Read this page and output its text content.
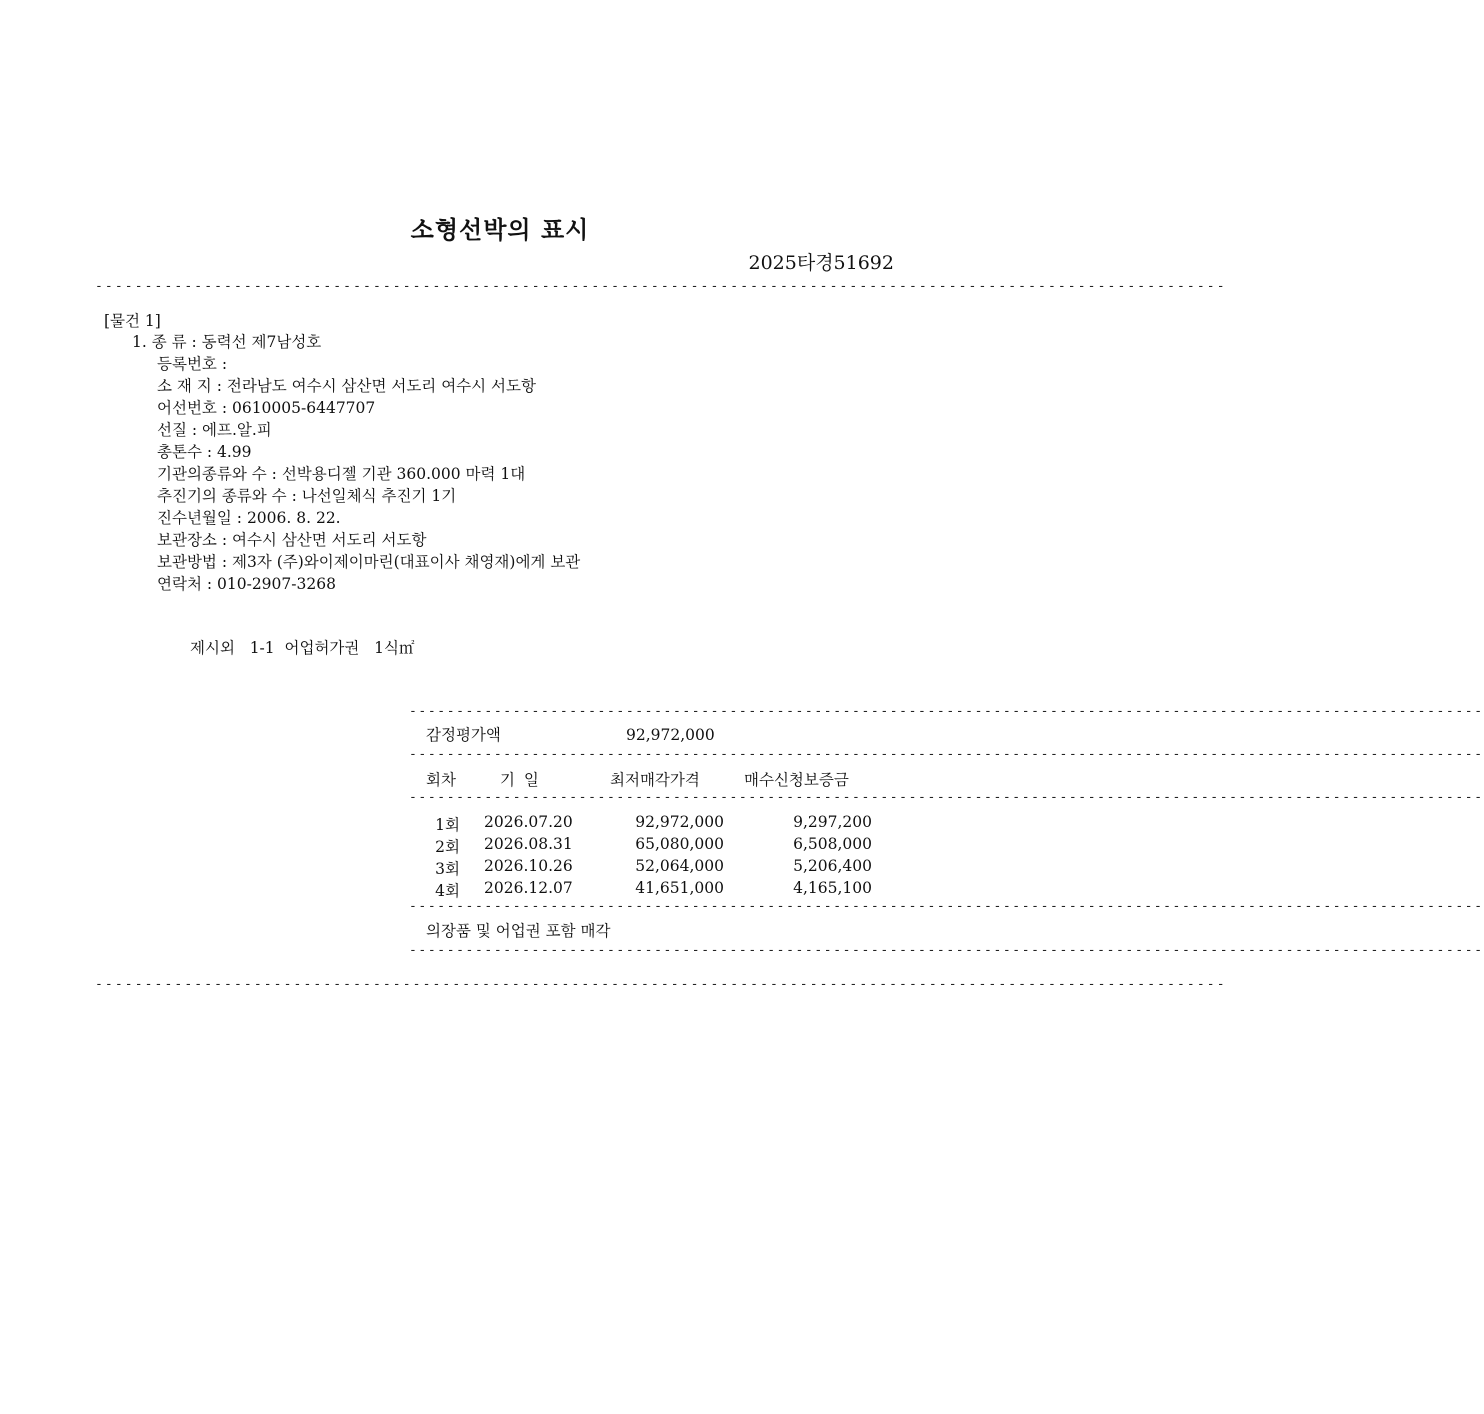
소형선박의 표시
2025타경51692
------------------------------------------------------------------------------------------------------------------
[물건 1]
1. 종 류 : 동력선 제7남성호
등록번호 :
소 재 지 : 전라남도 여수시 삼산면 서도리 여수시 서도항
어선번호 : 0610005-6447707
선질 : 에프.알.피
총톤수 : 4.99
기관의종류와 수 : 선박용디젤 기관 360.000 마력 1대
추진기의 종류와 수 : 나선일체식 추진기 1기
진수년월일 : 2006. 8. 22.
보관장소 : 여수시 삼산면 서도리 서도항
보관방법 : 제3자 (주)와이제이마린(대표이사 채영재)에게 보관
연락처 : 010-2907-3268
제시외   1-1  어업허가권   1식㎡
------------------------------------------------------------------------------------------------------------------
감정평가액	92,972,000
------------------------------------------------------------------------------------------------------------------
회차	기 일	최저매각가격	매수신청보증금
------------------------------------------------------------------------------------------------------------------
1회 2026.07.20	92,972,000	9,297,200
2회 2026.08.31	65,080,000	6,508,000
3회 2026.10.26	52,064,000	5,206,400
4회 2026.12.07	41,651,000	4,165,100
------------------------------------------------------------------------------------------------------------------
의장품 및 어업권 포함 매각
------------------------------------------------------------------------------------------------------------------
------------------------------------------------------------------------------------------------------------------
